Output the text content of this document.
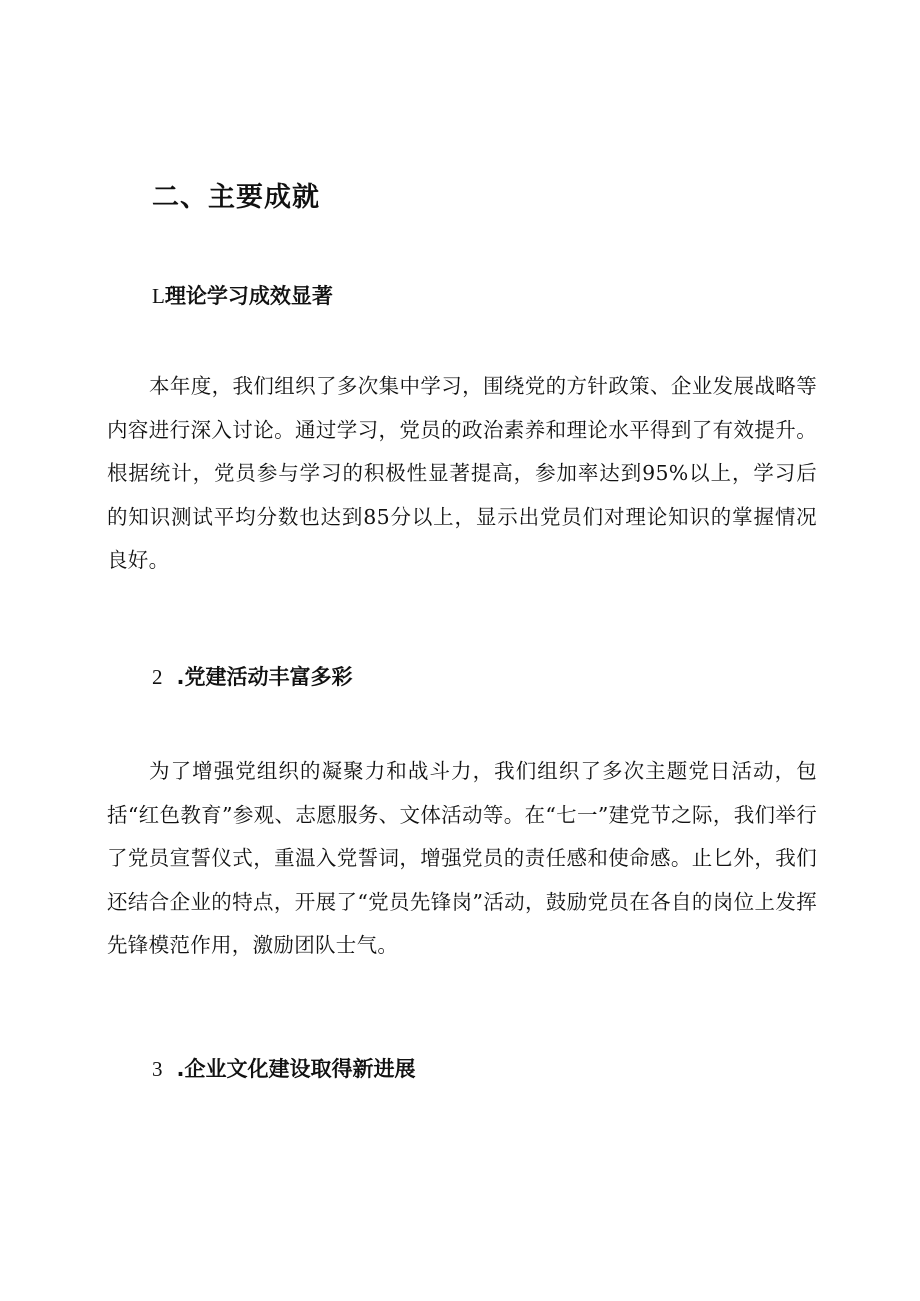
二、主要成就
L理论学习成效显著

本年度，我们组织了多次集中学习，围绕党的方针政策、企业发展战略等内容进行深入讨论。通过学习，党员的政治素养和理论水平得到了有效提升。根据统计，党员参与学习的积极性显著提高，参加率达到95%以上，学习后的知识测试平均分数也达到85分以上，显示出党员们对理论知识的掌握情况良好。

2 .党建活动丰富多彩

为了增强党组织的凝聚力和战斗力，我们组织了多次主题党日活动，包括“红色教育”参观、志愿服务、文体活动等。在“七一”建党节之际，我们举行了党员宣誓仪式，重温入党誓词，增强党员的责任感和使命感。止匕外，我们还结合企业的特点，开展了“党员先锋岗”活动，鼓励党员在各自的岗位上发挥先锋模范作用，激励团队士气。

3 .企业文化建设取得新进展
